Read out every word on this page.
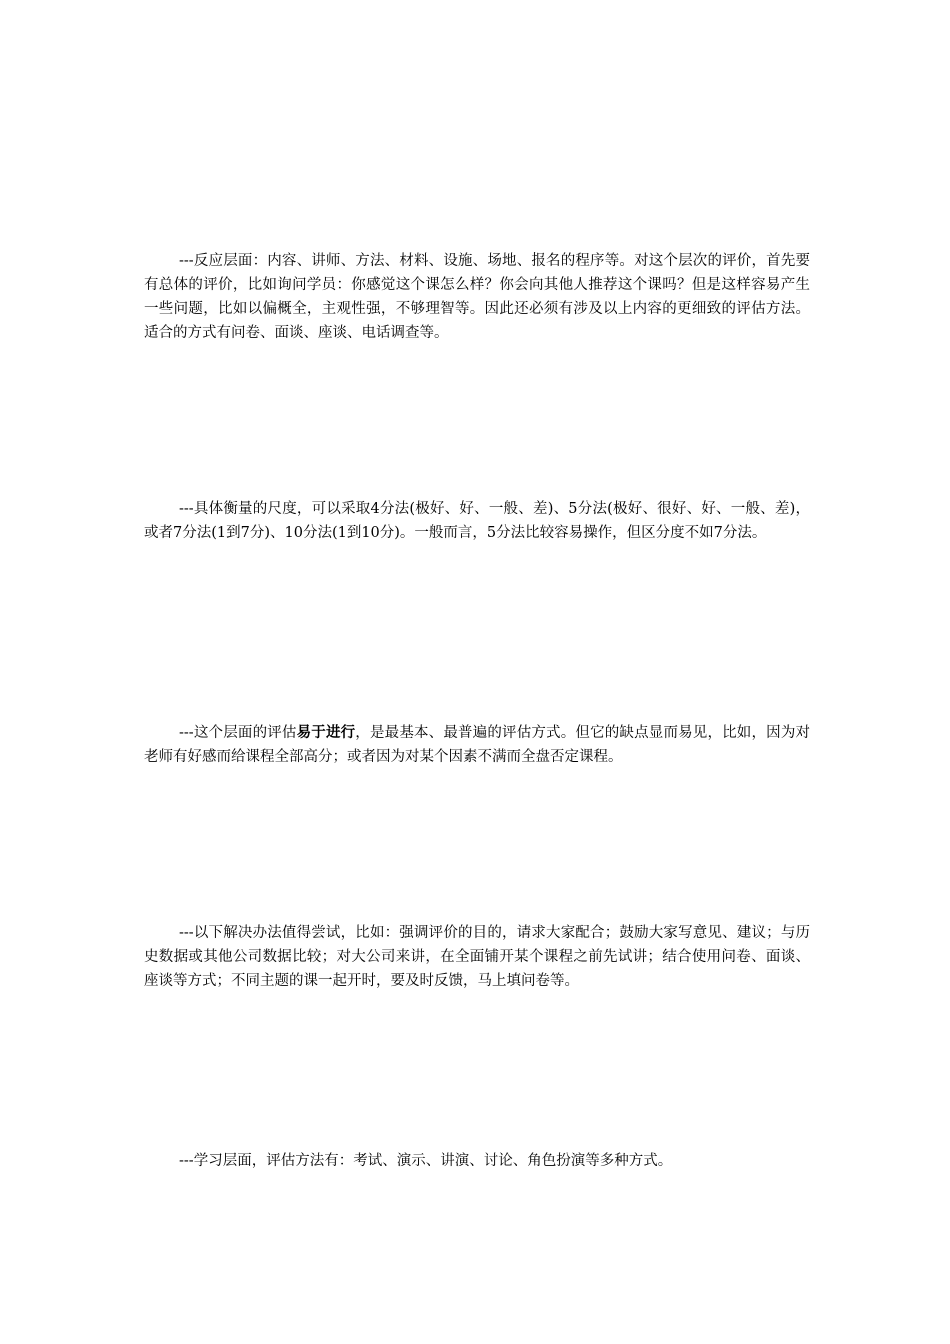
---反应层面：内容、讲师、方法、材料、设施、场地、报名的程序等。对这个层次的评价，首先要有总体的评价，比如询问学员：你感觉这个课怎么样？你会向其他人推荐这个课吗？但是这样容易产生一些问题，比如以偏概全，主观性强，不够理智等。因此还必须有涉及以上内容的更细致的评估方法。适合的方式有问卷、面谈、座谈、电话调查等。

---具体衡量的尺度，可以采取4分法(极好、好、一般、差)、5分法(极好、很好、好、一般、差)，或者7分法(1到7分)、10分法(1到10分)。一般而言，5分法比较容易操作，但区分度不如7分法。

---这个层面的评估易于进行，是最基本、最普遍的评估方式。但它的缺点显而易见，比如，因为对老师有好感而给课程全部高分；或者因为对某个因素不满而全盘否定课程。

---以下解决办法值得尝试，比如：强调评价的目的，请求大家配合；鼓励大家写意见、建议；与历史数据或其他公司数据比较；对大公司来讲，在全面铺开某个课程之前先试讲；结合使用问卷、面谈、座谈等方式；不同主题的课一起开时，要及时反馈，马上填问卷等。

---学习层面，评估方法有：考试、演示、讲演、讨论、角色扮演等多种方式。
